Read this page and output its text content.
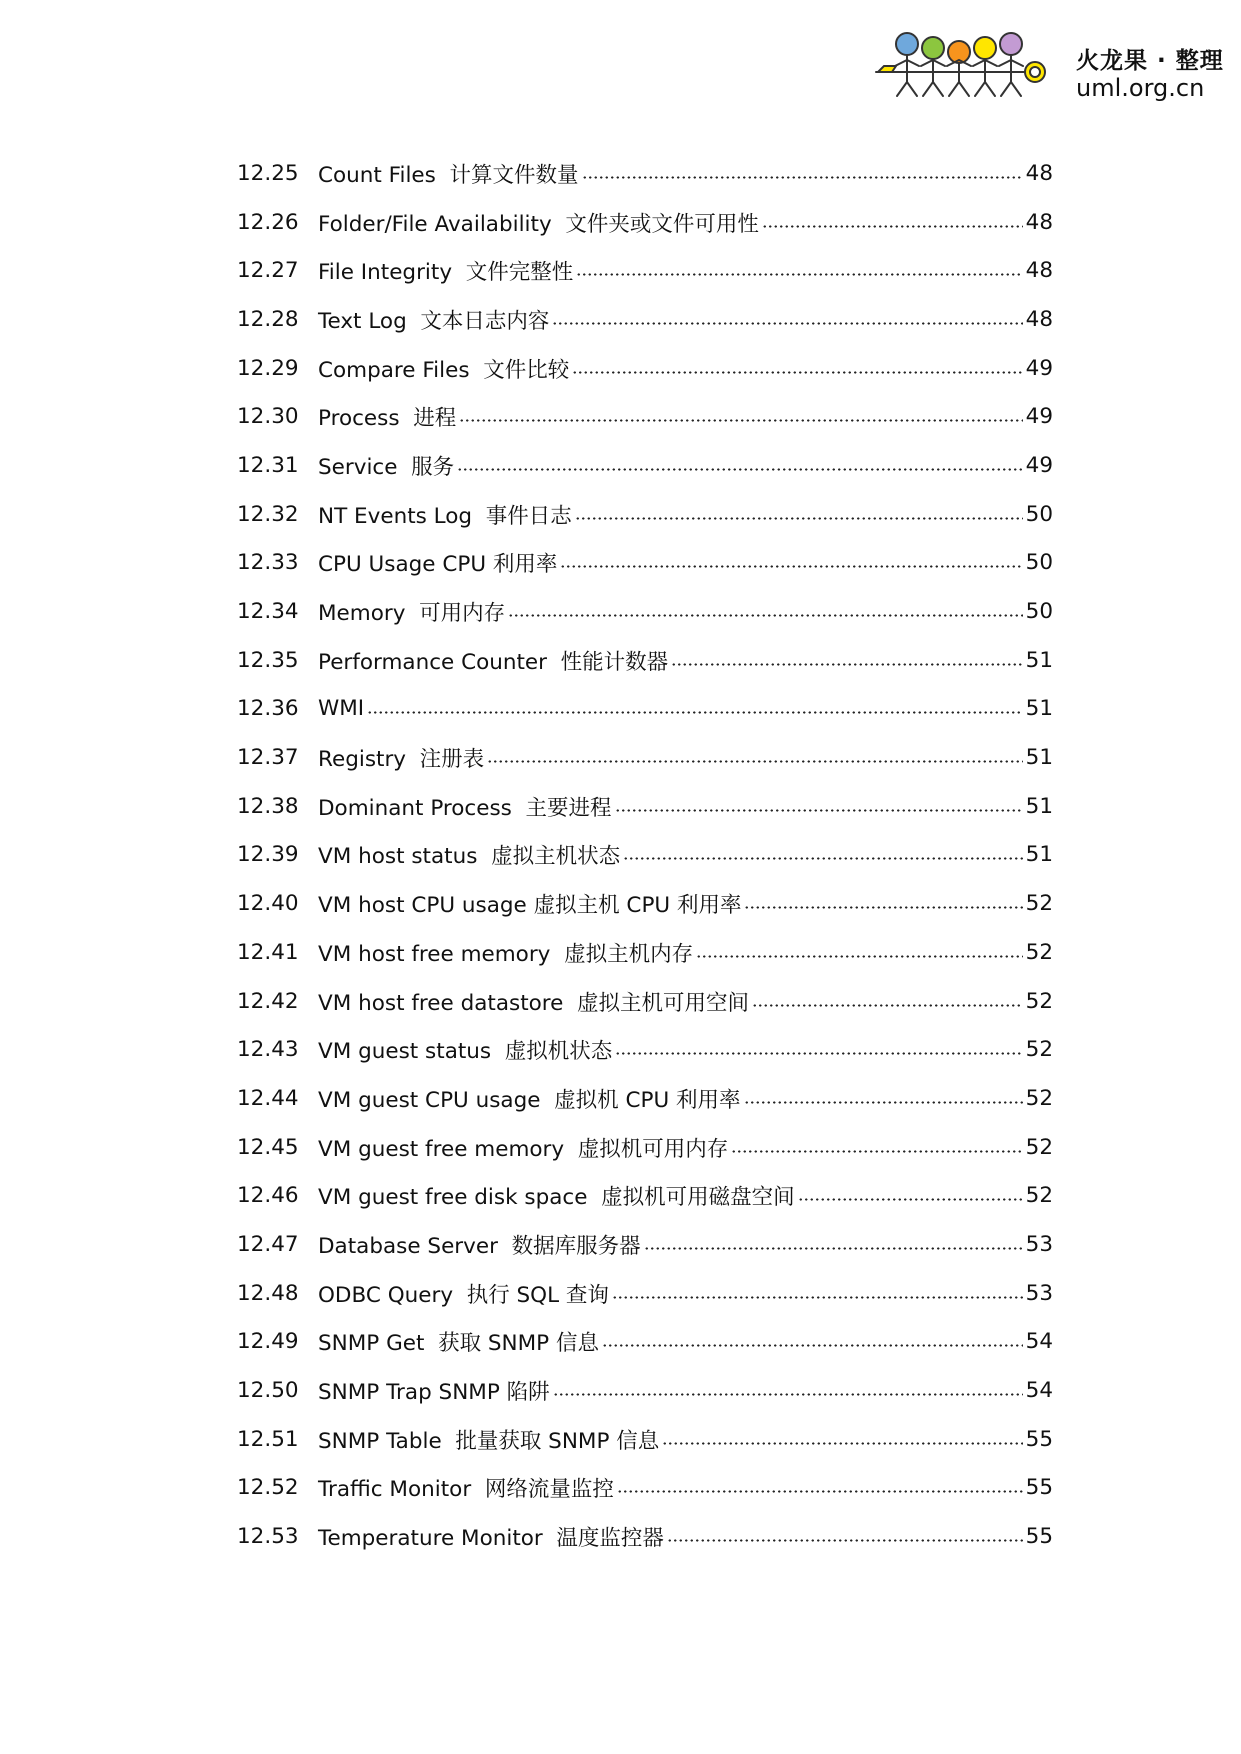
火龙果 · 整理
uml.org.cn
12.25 Count Files  计算文件数量	48
12.26 Folder/File Availability  文件夹或文件可用性	48
12.27 File Integrity  文件完整性	48
12.28 Text Log  文本日志内容	48
12.29 Compare Files  文件比较	49
12.30 Process  进程	49
12.31 Service  服务	49
12.32 NT Events Log  事件日志	50
12.33 CPU Usage CPU 利用率	50
12.34 Memory  可用内存	50
12.35 Performance Counter  性能计数器	51
12.36 WMI	51
12.37 Registry  注册表	51
12.38 Dominant Process  主要进程	51
12.39 VM host status  虚拟主机状态	51
12.40 VM host CPU usage 虚拟主机 CPU 利用率	52
12.41 VM host free memory  虚拟主机内存	52
12.42 VM host free datastore  虚拟主机可用空间	52
12.43 VM guest status  虚拟机状态	52
12.44 VM guest CPU usage  虚拟机 CPU 利用率	52
12.45 VM guest free memory  虚拟机可用内存	52
12.46 VM guest free disk space  虚拟机可用磁盘空间	52
12.47 Database Server  数据库服务器	53
12.48 ODBC Query  执行 SQL 查询	53
12.49 SNMP Get  获取 SNMP 信息	54
12.50 SNMP Trap SNMP 陷阱	54
12.51 SNMP Table  批量获取 SNMP 信息	55
12.52 Traffic Monitor  网络流量监控	55
12.53 Temperature Monitor  温度监控器	55
